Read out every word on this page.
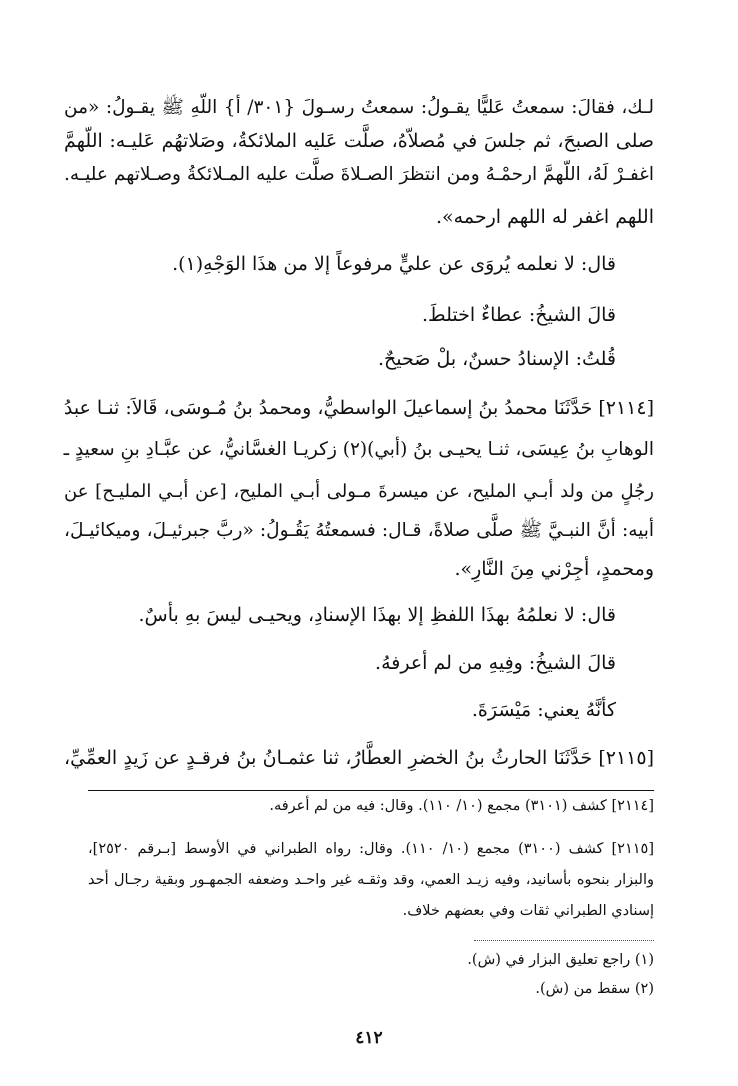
لـك، فقالَ: سمعتُ عَليًّا يقـولُ: سمعتُ رسـولَ {٣٠١/ أ} اللّهِ ﷺ يقـولُ: «من
صلى الصبحَ، ثم جلسَ في مُصلاّهُ، صلَّت عَليه الملائكةُ، وصَلاتهُم عَليـه: اللّهمَّ
اغفـرْ لَهُ، اللّهمَّ ارحمْـهُ ومن انتظرَ الصـلاةَ صلَّت عليه المـلائكةُ وصـلاتهم عليـه.
اللهم اغفر له اللهم ارحمه».
قال: لا نعلمه يُروَى عن عليٍّ مرفوعاً إلا من هذَا الوَجْهِ(١).
قالَ الشيخُ: عطاءٌ اختلطَ.
قُلتُ: الإسنادُ حسنٌ، بلْ صَحيحٌ.
[٢١١٤] حَدَّثَنَا محمدُ بنُ إسماعيلَ الواسطيُّ، ومحمدُ بنُ مُـوسَى، قَالاَ: ثنـا عبدُ
الوهابِ بنُ عِيسَى، ثنـا يحيـى بنُ (أبي)(٢) زكريـا الغسَّانيُّ، عن عبَّـادِ بنِ سعيدٍ ـ
رجُلٍ من ولد أبـي المليح، عن ميسرةَ مـولى أبـي المليح، [عن أبـي المليـح] عن
أبيه: أنَّ النبـيَّ ﷺ صلَّى صلاةً، قـال: فسمعتُهُ يَقُـولُ: «ربَّ جبرئيـلَ، وميكائيـلَ،
ومحمدٍ، أجِرْني مِنَ النَّارِ».
قال: لا نعلمُهُ بهذَا اللفظِ إلا بهذَا الإسنادِ، ويحيـى ليسَ بهِ بأسٌ.
قالَ الشيخُ: وفِيهِ من لم أعرفهُ.
كأنَّهُ يعني: مَيْسَرَةَ.
[٢١١٥] حَدَّثَنَا الحارثُ بنُ الخضرِ العطَّارُ، ثنا عثمـانُ بنُ فرقـدٍ عن زَيدٍ العمِّيِّ،
[٢١١٤] كشف (٣١٠١) مجمع (١٠/ ١١٠). وقال: فيه من لم أعرفه.
[٢١١٥] كشف (٣١٠٠) مجمع (١٠/ ١١٠). وقال: رواه الطبراني في الأوسط [بـرقم ٢٥٢٠]،
والبزار بنحوه بأسانيد، وفيه زيـد العمي، وقد وثقـه غير واحـد وضعفه الجمهـور وبقية رجـال أحد
إسنادي الطبراني ثقات وفي بعضهم خلاف.
(١) راجع تعليق البزار في (ش).
(٢) سقط من (ش).
٤١٢
